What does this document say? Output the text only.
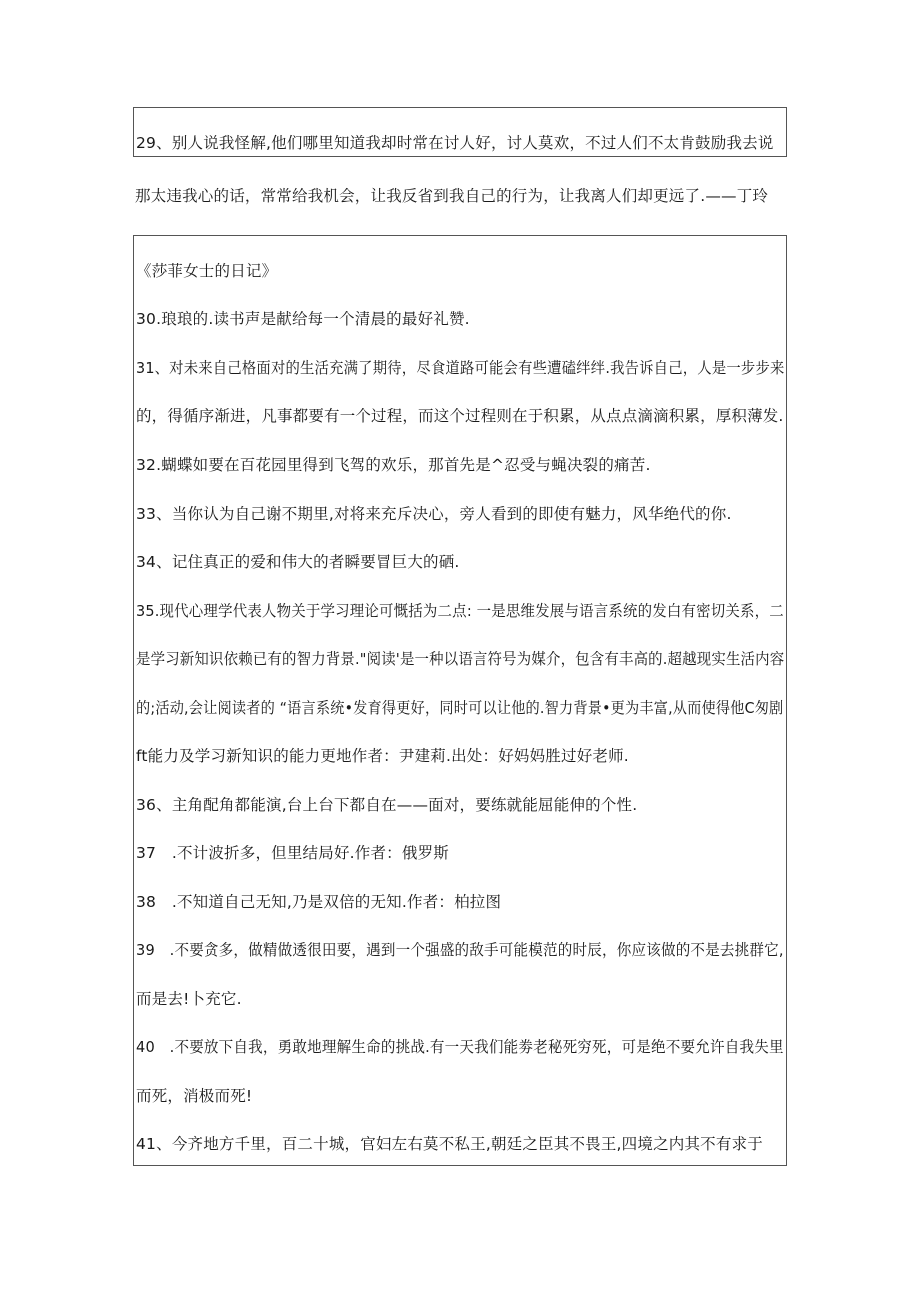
29、别人说我怪解,他们哪里知道我却时常在讨人好，讨人莫欢，不过人们不太肯鼓励我去说
那太违我心的话，常常给我机会，让我反省到我自己的行为，让我离人们却更远了.——丁玲
《莎菲女士的日记》
30.琅琅的.读书声是献给每一个清晨的最好礼赞.
31、对未来自己格面对的生活充满了期待，尽食道路可能会有些遭磕绊绊.我告诉自己，人是一步步来
的，得循序渐进，凡事都要有一个过程，而这个过程则在于积累，从点点滴滴积累，厚积薄发.
32.蝴蝶如要在百花园里得到飞驾的欢乐，那首先是^忍受与蝇决裂的痛苦.
33、当你认为自己谢不期里,对将来充斥决心，旁人看到的即使有魅力，风华绝代的你.
34、记住真正的爱和伟大的者瞬要冒巨大的硒.
35.现代心理学代表人物关于学习理论可慨括为二点: 一是思维发展与语言系统的发白有密切关系，二
是学习新知识依赖已有的智力背景."阅读'是一种以语言符号为媒介，包含有丰高的.超越现实生活内容
的;活动,会让阅读者的 “语言系统•发育得更好，同时可以让他的.智力背景•更为丰富,从而使得他C匆剧
ft能力及学习新知识的能力更地作者：尹建莉.出处：好妈妈胜过好老师.
36、主角配角都能演,台上台下都自在——面对，要练就能屈能伸的个性.
37　.不计波折多，但里结局好.作者：俄罗斯
38　.不知道自己无知,乃是双倍的无知.作者：柏拉图
39　.不要贪多，做精做透很田要，遇到一个强盛的敌手可能模范的时辰，你应该做的不是去挑群它,
而是去!卜充它.
40　.不要放下自我，勇敢地理解生命的挑战.有一天我们能劵老秘死穷死，可是绝不要允许自我失里
而死，消极而死!
41、今齐地方千里，百二十城，官妇左右莫不私王,朝廷之臣其不畏王,四境之内其不有求于
